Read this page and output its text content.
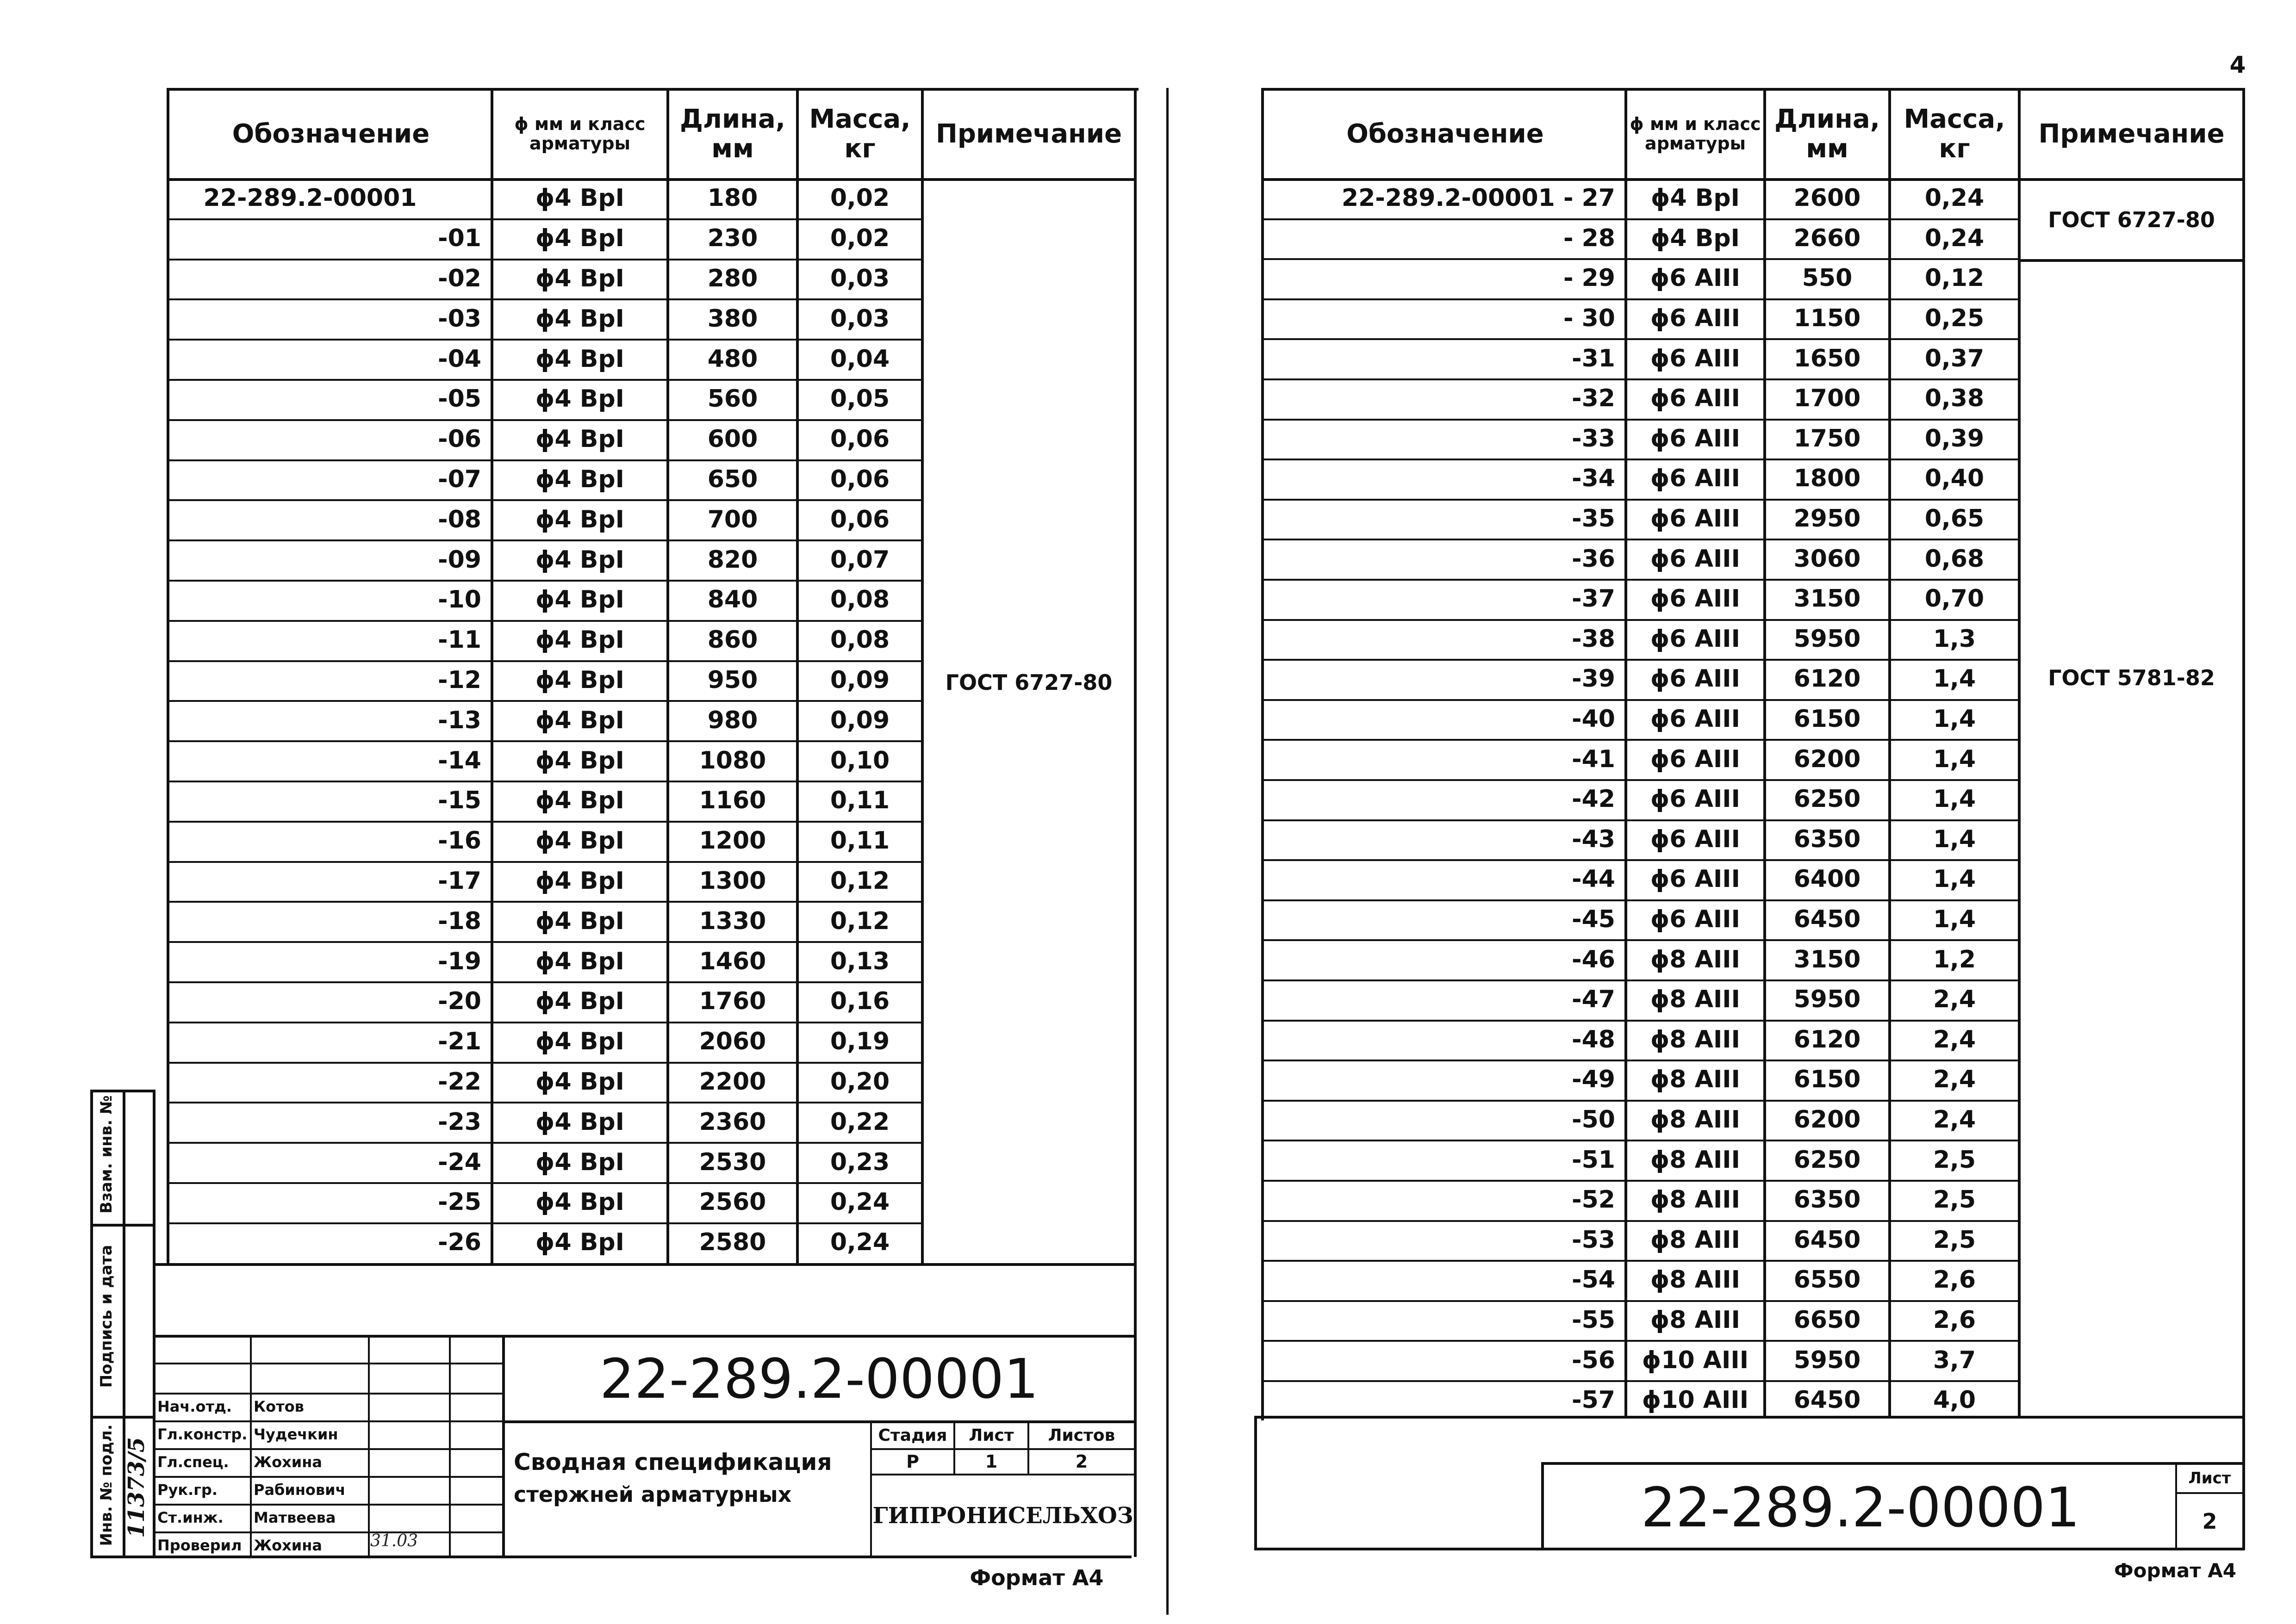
4
Обозначение	ϕ мм и класс арматуры
Длина, мм
Масса, кг	Примечание
22-289.2-00001	ϕ4 ВрI	180	0,02
-01	ϕ4 ВрI	230	0,02
-02	ϕ4 ВрI	280	0,03
-03	ϕ4 ВрI	380	0,03
-04	ϕ4 ВрI	480	0,04
-05	ϕ4 ВрI	560	0,05
-06	ϕ4 ВрI	600	0,06
-07	ϕ4 ВрI	650	0,06
-08	ϕ4 ВрI	700	0,06
-09	ϕ4 ВрI	820	0,07
-10	ϕ4 ВрI	840	0,08
-11	ϕ4 ВрI	860	0,08
-12	ϕ4 ВрI	950	0,09
-13	ϕ4 ВрI	980	0,09
-14	ϕ4 ВрI	1080	0,10
-15	ϕ4 ВрI	1160	0,11
-16	ϕ4 ВрI	1200	0,11
-17	ϕ4 ВрI	1300	0,12
-18	ϕ4 ВрI	1330	0,12
-19	ϕ4 ВрI	1460	0,13
-20	ϕ4 ВрI	1760	0,16
-21	ϕ4 ВрI	2060	0,19
-22	ϕ4 ВрI	2200	0,20
-23	ϕ4 ВрI	2360	0,22
-24	ϕ4 ВрI	2530	0,23
-25	ϕ4 ВрI	2560	0,24
-26	ϕ4 ВрI	2580	0,24
ГОСТ 6727-80
22-289.2-00001
Сводная спецификация
стержней арматурных
Стадия	Лист	Листов
Р	1	2
ГИПРОНИСЕЛЬХОЗ
Нач.отд.	Котов
Гл.констр. Чудечкин
Гл.спец.	Жохина
Рук.гр.	Рабинович
Ст.инж.	Матвеева
Проверил Жохина	31.03
Взам. инв. №
Подпись и дата
Инв. № подл. 11373/5
Формат А4
Обозначение	ϕ мм и класс арматуры
Длина, мм
Масса, кг	Примечание
22-289.2-00001 - 27	ϕ4 ВрI	2600	0,24
- 28	ϕ4 ВрI	2660	0,24
- 29	ϕ6 АIII	550	0,12
- 30	ϕ6 АIII	1150	0,25
-31	ϕ6 АIII	1650	0,37
-32	ϕ6 АIII	1700	0,38
-33	ϕ6 АIII	1750	0,39
-34	ϕ6 АIII	1800	0,40
-35	ϕ6 АIII	2950	0,65
-36	ϕ6 АIII	3060	0,68
-37	ϕ6 АIII	3150	0,70
-38	ϕ6 АIII	5950	1,3
-39	ϕ6 АIII	6120	1,4
-40	ϕ6 АIII	6150	1,4
-41	ϕ6 АIII	6200	1,4
-42	ϕ6 АIII	6250	1,4
-43	ϕ6 АIII	6350	1,4
-44	ϕ6 АIII	6400	1,4
-45	ϕ6 АIII	6450	1,4
-46	ϕ8 АIII	3150	1,2
-47	ϕ8 АIII	5950	2,4
-48	ϕ8 АIII	6120	2,4
-49	ϕ8 АIII	6150	2,4
-50	ϕ8 АIII	6200	2,4
-51	ϕ8 АIII	6250	2,5
-52	ϕ8 АIII	6350	2,5
-53	ϕ8 АIII	6450	2,5
-54	ϕ8 АIII	6550	2,6
-55	ϕ8 АIII	6650	2,6
-56	ϕ10 АIII	5950	3,7
-57	ϕ10 АIII	6450	4,0
ГОСТ 6727-80
ГОСТ 5781-82
22-289.2-00001	Лист
2
Формат А4
